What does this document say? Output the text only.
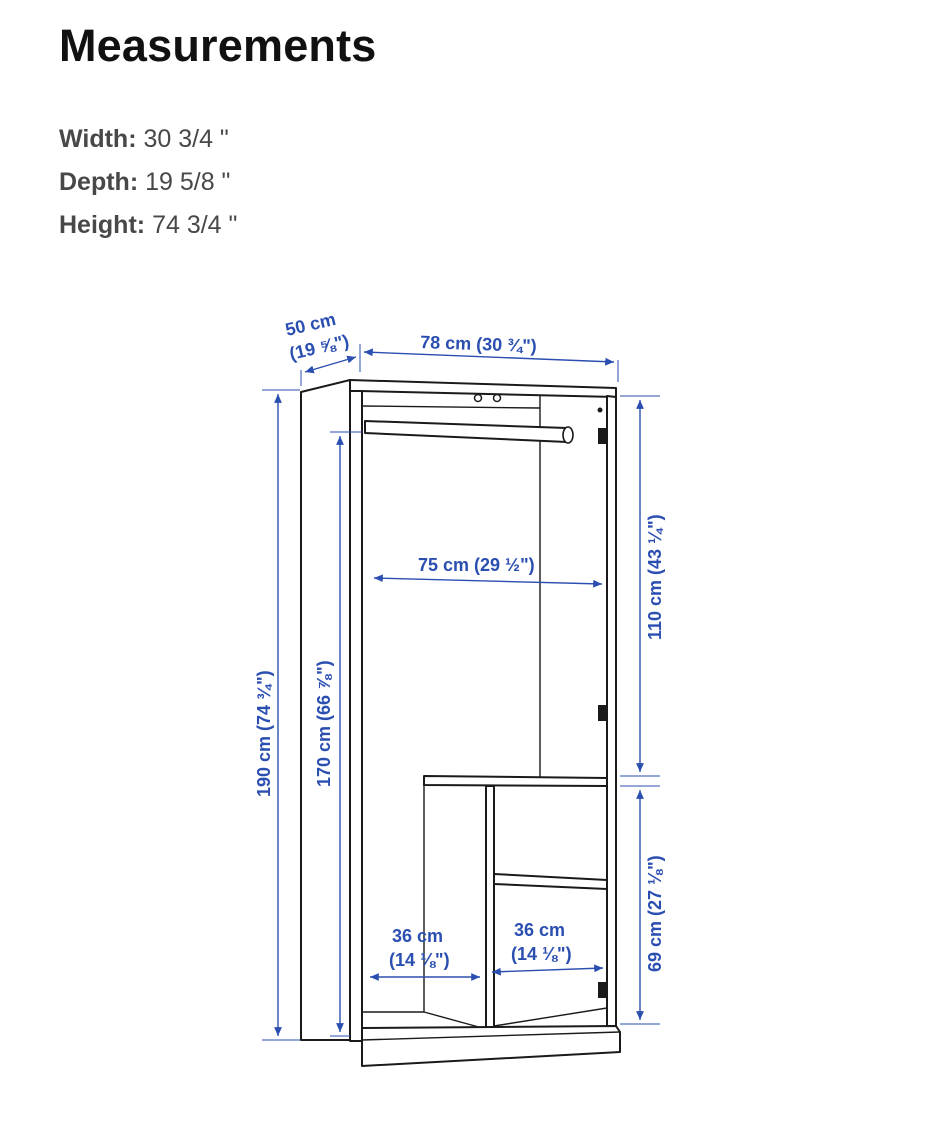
Measurements
Width: 30 3/4 "
Depth: 19 5/8 "
Height: 74 3/4 "
50 cm
(19 ⅝")	78 cm (30 ¾")
190 cm (74 ¾") 170 cm (66 ⅞")
75 cm (29 ½")	110 cm (43 ¼")
69 cm (27 ⅛")
36 cm
(14 ⅛")
36 cm
(14 ⅛")
